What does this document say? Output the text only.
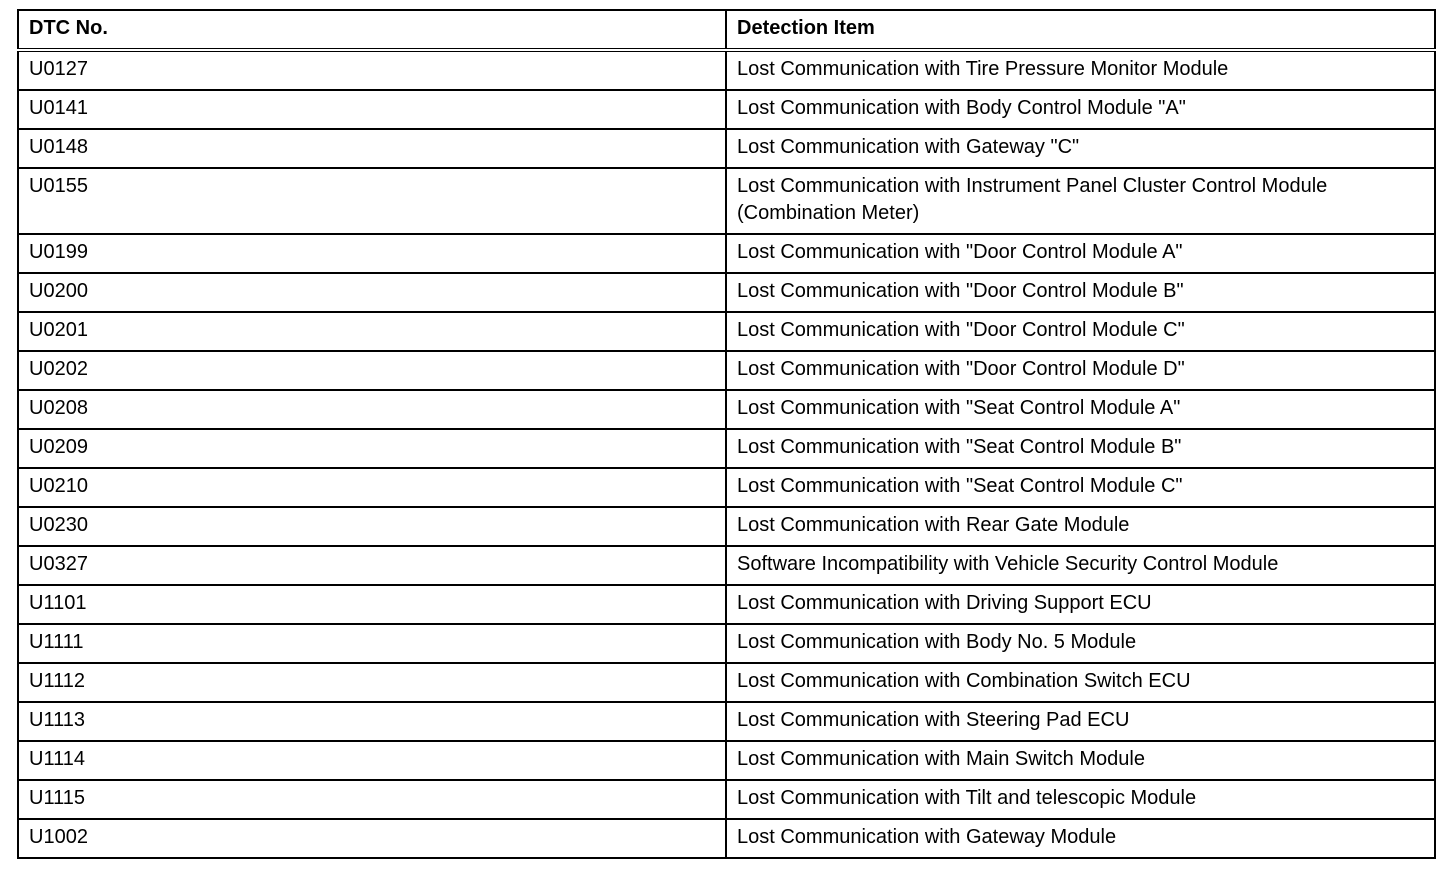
DTC No.	Detection Item
U0127	Lost Communication with Tire Pressure Monitor Module
U0141	Lost Communication with Body Control Module "A"
U0148	Lost Communication with Gateway "C"
U0155	Lost Communication with Instrument Panel Cluster Control Module (Combination Meter)
U0199	Lost Communication with "Door Control Module A"
U0200	Lost Communication with "Door Control Module B"
U0201	Lost Communication with "Door Control Module C"
U0202	Lost Communication with "Door Control Module D"
U0208	Lost Communication with "Seat Control Module A"
U0209	Lost Communication with "Seat Control Module B"
U0210	Lost Communication with "Seat Control Module C"
U0230	Lost Communication with Rear Gate Module
U0327	Software Incompatibility with Vehicle Security Control Module
U1101	Lost Communication with Driving Support ECU
U1111	Lost Communication with Body No. 5 Module
U1112	Lost Communication with Combination Switch ECU
U1113	Lost Communication with Steering Pad ECU
U1114	Lost Communication with Main Switch Module
U1115	Lost Communication with Tilt and telescopic Module
U1002	Lost Communication with Gateway Module
